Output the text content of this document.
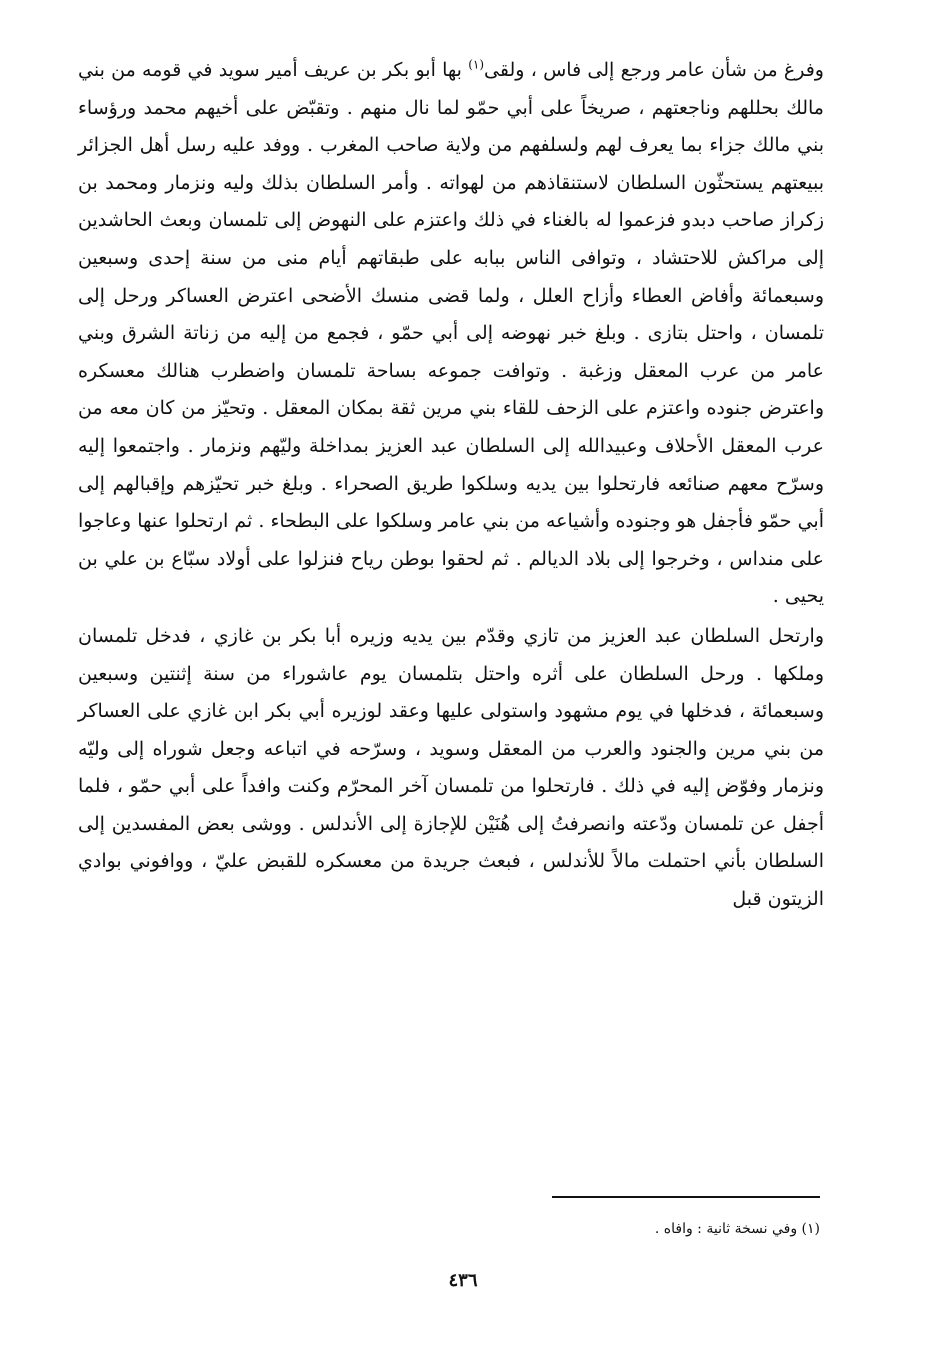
وفرغ من شأن عامر ورجع إلى فاس ، ولقى$^{(١)}$ بها أبو بكر بن عريف أمير سويد في قومه من بني مالك بحللهم وناجعتهم ، صريخاً على أبي حمّو لما نال منهم . وتقبّض على أخيهم محمد ورؤساء بني مالك جزاء بما يعرف لهم ولسلفهم من ولاية صاحب المغرب . ووفد عليه رسل أهل الجزائر ببيعتهم يستحثّون السلطان لاستنقاذهم من لهواته . وأمر السلطان بذلك وليه ونزمار ومحمد بن زكراز صاحب دبدو فزعموا له بالغناء في ذلك واعتزم على النهوض إلى تلمسان وبعث الحاشدين إلى مراكش للاحتشاد ، وتوافى الناس ببابه على طبقاتهم أيام منى من سنة إحدى وسبعين وسبعمائة وأفاض العطاء وأزاح العلل ، ولما قضى منسك الأضحى اعترض العساكر ورحل إلى تلمسان ، واحتل بتازى . وبلغ خبر نهوضه إلى أبي حمّو ، فجمع من إليه من زناتة الشرق وبني عامر من عرب المعقل وزغبة . وتوافت جموعه بساحة تلمسان واضطرب هنالك معسكره واعترض جنوده واعتزم على الزحف للقاء بني مرين ثقة بمكان المعقل . وتحيّز من كان معه من عرب المعقل الأحلاف وعبيدالله إلى السلطان عبد العزيز بمداخلة وليّهم ونزمار . واجتمعوا إليه وسرّح معهم صنائعه فارتحلوا بين يديه وسلكوا طريق الصحراء . وبلغ خبر تحيّزهم وإقبالهم إلى أبي حمّو فأجفل هو وجنوده وأشياعه من بني عامر وسلكوا على البطحاء . ثم ارتحلوا عنها وعاجوا على منداس ، وخرجوا إلى بلاد الديالم . ثم لحقوا بوطن رياح فنزلوا على أولاد سبّاع بن علي بن يحيى .

وارتحل السلطان عبد العزيز من تازي وقدّم بين يديه وزيره أبا بكر بن غازي ، فدخل تلمسان وملكها . ورحل السلطان على أثره واحتل بتلمسان يوم عاشوراء من سنة إثنتين وسبعين وسبعمائة ، فدخلها في يوم مشهود واستولى عليها وعقد لوزيره أبي بكر ابن غازي على العساكر من بني مرين والجنود والعرب من المعقل وسويد ، وسرّحه في اتباعه وجعل شوراه إلى وليّه ونزمار وفوّض إليه في ذلك . فارتحلوا من تلمسان آخر المحرّم وكنت وافداً على أبي حمّو ، فلما أجفل عن تلمسان ودّعته وانصرفتُ إلى هُنَيْن للإجازة إلى الأندلس . ووشى بعض المفسدين إلى السلطان بأني احتملت مالاً للأندلس ، فبعث جريدة من معسكره للقبض عليّ ، ووافوني بوادي الزيتون قبل

(١) وفي نسخة ثانية : وافاه .
٤٣٦
